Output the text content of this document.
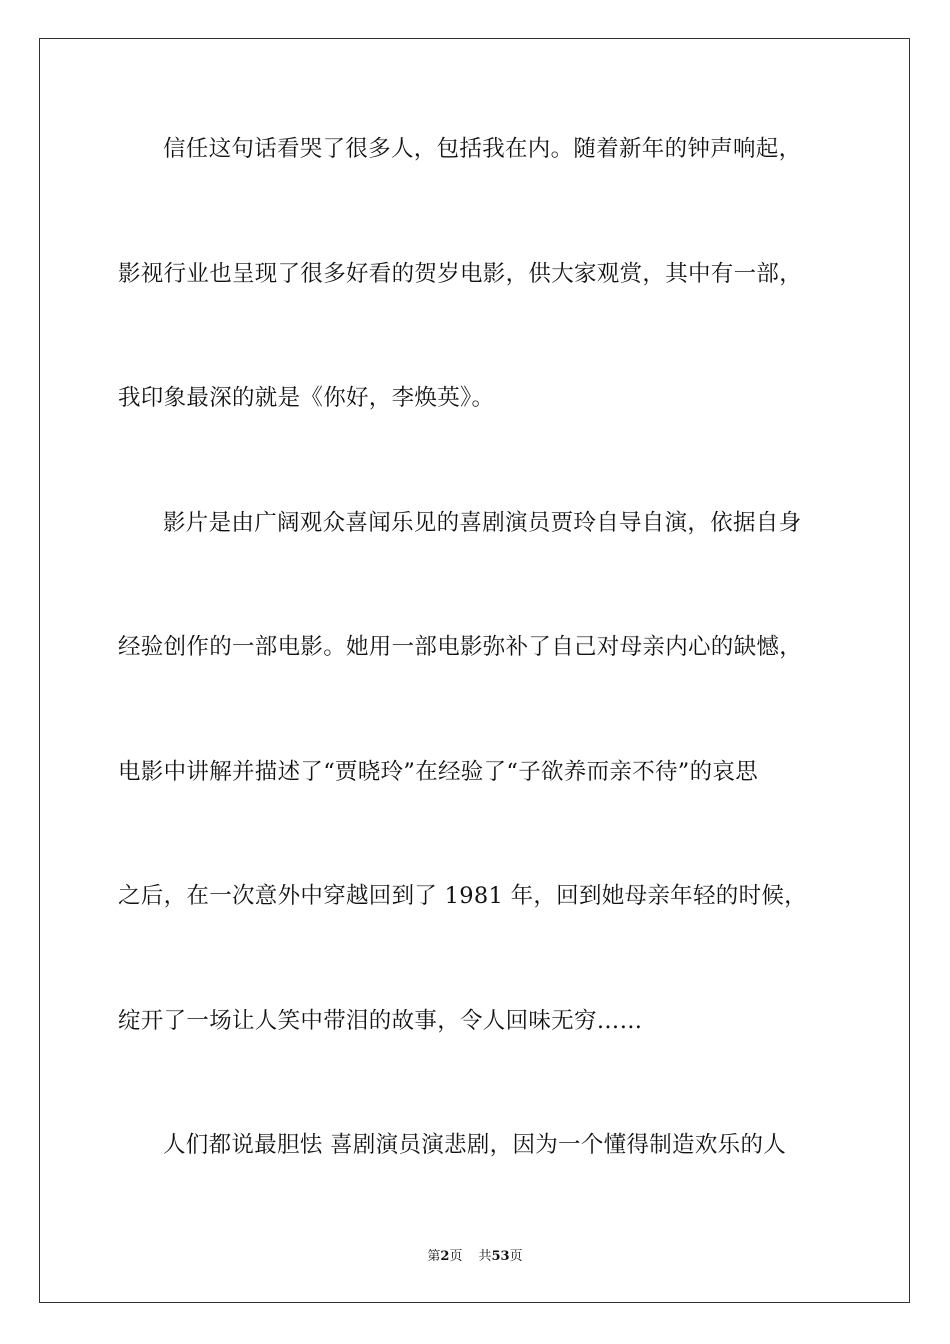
信任这句话看哭了很多人，包括我在内。随着新年的钟声响起，
影视行业也呈现了很多好看的贺岁电影，供大家观赏，其中有一部，
我印象最深的就是《你好，李焕英》。
影片是由广阔观众喜闻乐见的喜剧演员贾玲自导自演，依据自身
经验创作的一部电影。她用一部电影弥补了自己对母亲内心的缺憾，
电影中讲解并描述了“贾晓玲”在经验了“子欲养而亲不待”的哀思
之后，在一次意外中穿越回到了 1981 年，回到她母亲年轻的时候，
绽开了一场让人笑中带泪的故事，令人回味无穷……
人们都说最胆怯 喜剧演员演悲剧，因为一个懂得制造欢乐的人
第2页 共53页
